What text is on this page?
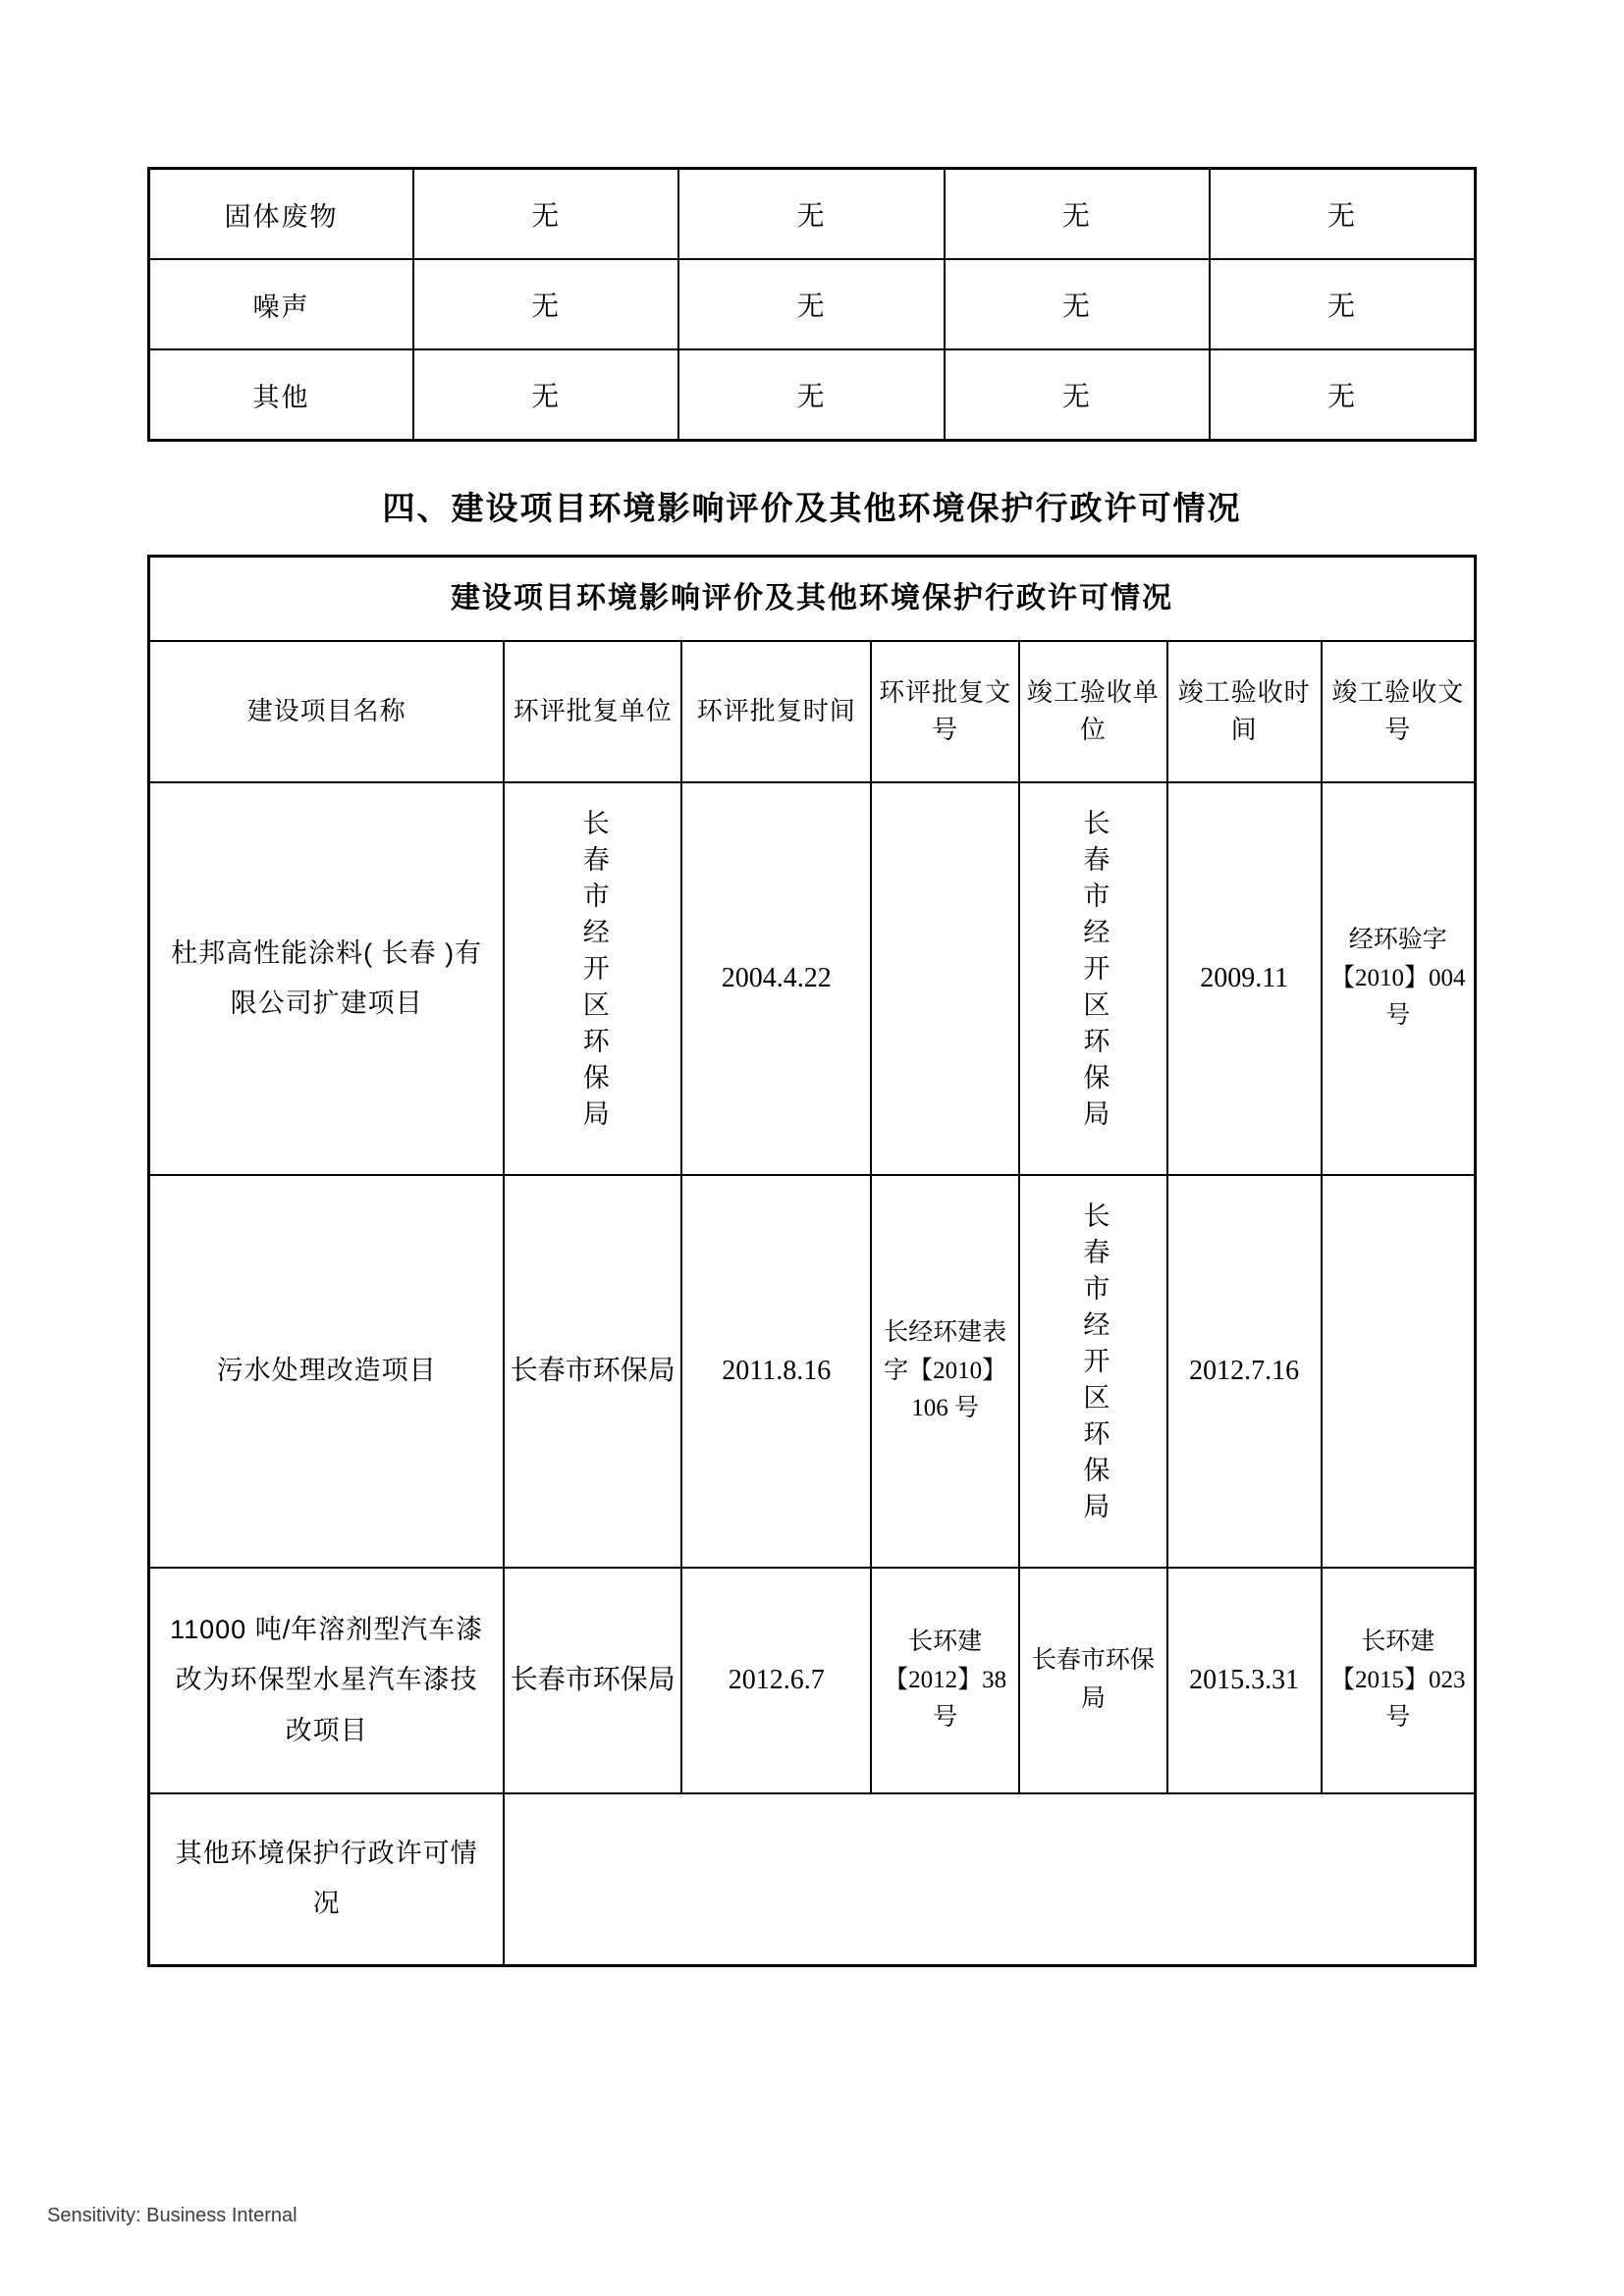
固体废物	无	无	无	无
噪声	无	无	无	无
其他	无	无	无	无
四、建设项目环境影响评价及其他环境保护行政许可情况
建设项目环境影响评价及其他环境保护行政许可情况						
建设项目名称	环评批复单位	环评批复时间	环评批复文号	竣工验收单位	竣工验收时间	竣工验收文号
杜邦高性能涂料( 长春 )有限公司扩建项目	长春市经开区环保局	2004.4.22		长春市经开区环保局	2009.11	经环验字【2010】004 号
污水处理改造项目	长春市环保局	2011.8.16	长经环建表字【2010】106 号	长春市经开区环保局	2012.7.16	
11000 吨/年溶剂型汽车漆改为环保型水星汽车漆技改项目	长春市环保局	2012.6.7	长环建【2012】38 号	长春市环保局	2015.3.31	长环建【2015】023 号
其他环境保护行政许可情况						
Sensitivity: Business Internal
